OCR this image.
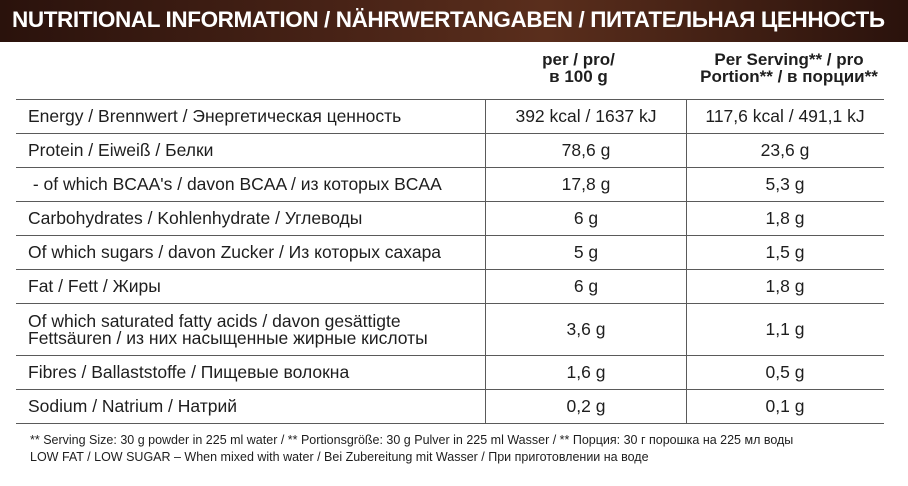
NUTRITIONAL INFORMATION / NÄHRWERTANGABEN / ПИТАТЕЛЬНАЯ ЦЕННОСТЬ
per / pro/
в 100 g
Per Serving** / pro
Portion** / в порции**
Energy / Brennwert / Энергетическая ценность	392 kcal / 1637 kJ	117,6 kcal / 491,1 kJ
Protein / Eiweiß / Белки	78,6 g	23,6 g
- of which BCAA's / davon BCAA / из которых BCAA	17,8 g	5,3 g
Carbohydrates / Kohlenhydrate / Углеводы	6 g	1,8 g
Of which sugars / davon Zucker / Из которых сахара	5 g	1,5 g
Fat / Fett / Жиры	6 g	1,8 g
Of which saturated fatty acids / davon gesättigte
Fettsäuren / из них насыщенные жирные кислоты	3,6 g	1,1 g
Fibres / Ballaststoffe / Пищевые волокна	1,6 g	0,5 g
Sodium / Natrium / Натрий	0,2 g	0,1 g
** Serving Size: 30 g powder in 225 ml water / ** Portionsgröße: 30 g Pulver in 225 ml Wasser / ** Порция: 30 г порошка на 225 мл воды
LOW FAT / LOW SUGAR – When mixed with water / Bei Zubereitung mit Wasser / При приготовлении на воде
